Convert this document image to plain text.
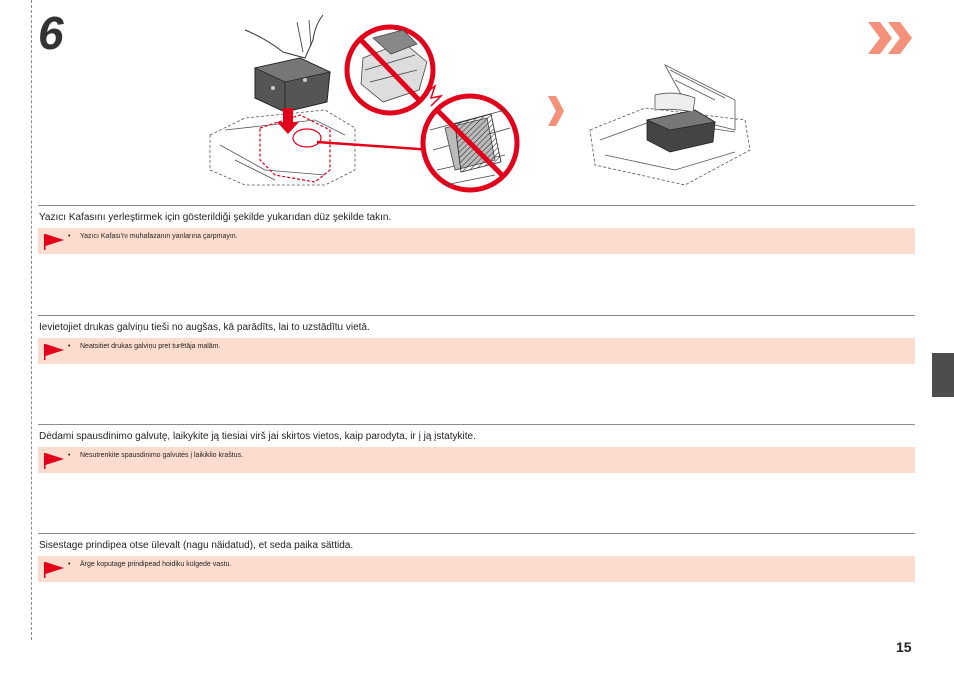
6
Yazıcı Kafasını yerleştirmek için gösterildiği şekilde yukarıdan düz şekilde takın.
• Yazıcı Kafası'nı muhafazanın yanlarına çarpmayın.
Ievietojiet drukas galviņu tieši no augšas, kā parādīts, lai to uzstādītu vietā.
• Neatsitiet drukas galviņu pret turētāja malām.
Dėdami spausdinimo galvutę, laikykite ją tiesiai virš jai skirtos vietos, kaip parodyta, ir į ją įstatykite.
• Nesutrenkite spausdinimo galvutės į laikiklio kraštus.
Sisestage prindipea otse ülevalt (nagu näidatud), et seda paika sättida.
• Ärge koputage prindipead hoidiku külgede vastu.
15
